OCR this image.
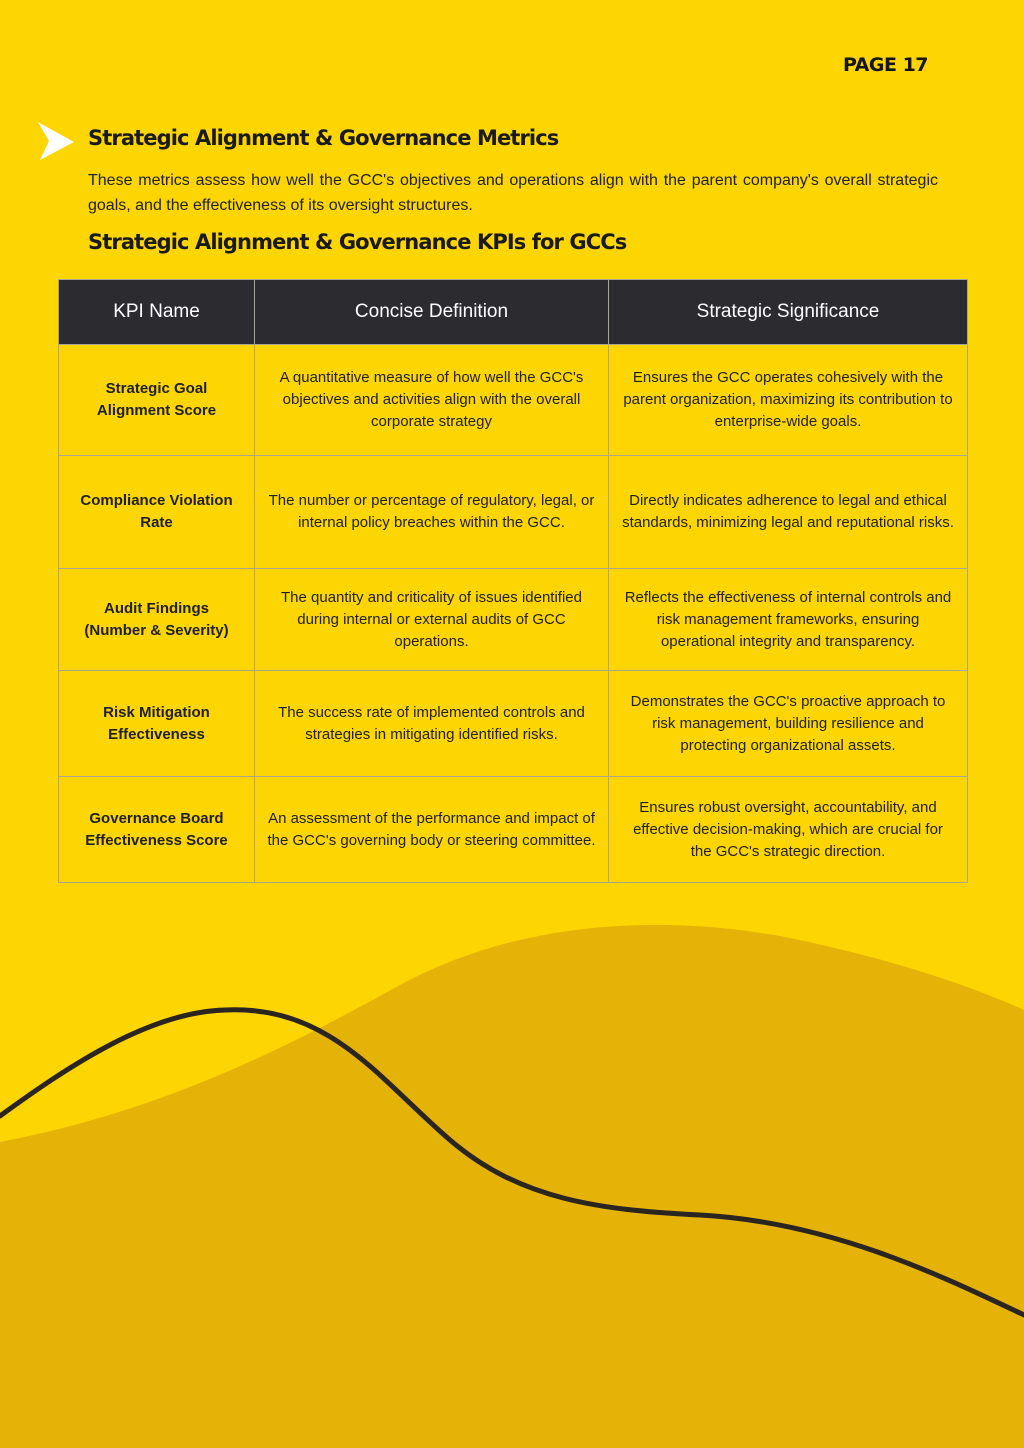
PAGE 17
Strategic Alignment & Governance Metrics

These metrics assess how well the GCC's objectives and operations align with the parent company's overall strategic goals, and the effectiveness of its oversight structures.

Strategic Alignment & Governance KPIs for GCCs
KPI Name	Concise Definition	Strategic Significance
Strategic Goal Alignment Score	A quantitative measure of how well the GCC's objectives and activities align with the overall corporate strategy	Ensures the GCC operates cohesively with the parent organization, maximizing its contribution to enterprise-wide goals.
Compliance Violation Rate	The number or percentage of regulatory, legal, or internal policy breaches within the GCC.	Directly indicates adherence to legal and ethical standards, minimizing legal and reputational risks.
Audit Findings (Number & Severity)	The quantity and criticality of issues identified during internal or external audits of GCC operations.	Reflects the effectiveness of internal controls and risk management frameworks, ensuring operational integrity and transparency.
Risk Mitigation Effectiveness	The success rate of implemented controls and strategies in mitigating identified risks.	Demonstrates the GCC's proactive approach to risk management, building resilience and protecting organizational assets.
Governance Board Effectiveness Score	An assessment of the performance and impact of the GCC's governing body or steering committee.	Ensures robust oversight, accountability, and effective decision-making, which are crucial for the GCC's strategic direction.
